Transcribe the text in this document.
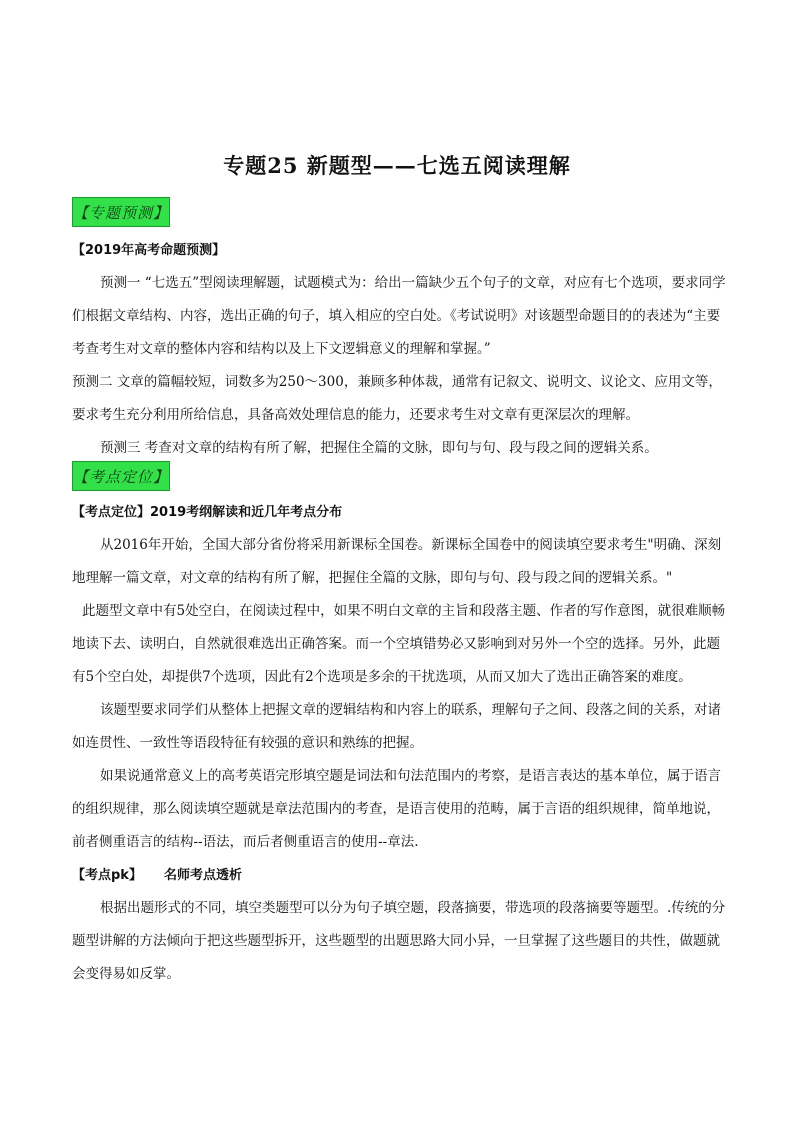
专题25 新题型——七选五阅读理解
【专题预测】

【2019年高考命题预测】

预测一 “七选五”型阅读理解题，试题模式为：给出一篇缺少五个句子的文章，对应有七个选项，要求同学们根据文章结构、内容，选出正确的句子，填入相应的空白处。《考试说明》对该题型命题目的的表述为“主要考查考生对文章的整体内容和结构以及上下文逻辑意义的理解和掌握。”

预测二 文章的篇幅较短，词数多为250～300，兼顾多种体裁，通常有记叙文、说明文、议论文、应用文等，要求考生充分利用所给信息，具备高效处理信息的能力，还要求考生对文章有更深层次的理解。

预测三 考查对文章的结构有所了解，把握住全篇的文脉，即句与句、段与段之间的逻辑关系。

【考点定位】

【考点定位】2019考纲解读和近几年考点分布

从2016年开始，全国大部分省份将采用新课标全国卷。新课标全国卷中的阅读填空要求考生"明确、深刻地理解一篇文章，对文章的结构有所了解，把握住全篇的文脉，即句与句、段与段之间的逻辑关系。"

此题型文章中有5处空白，在阅读过程中，如果不明白文章的主旨和段落主题、作者的写作意图，就很难顺畅地读下去、读明白，自然就很难选出正确答案。而一个空填错势必又影响到对另外一个空的选择。另外，此题有5个空白处，却提供7个选项，因此有2个选项是多余的干扰选项，从而又加大了选出正确答案的难度。

该题型要求同学们从整体上把握文章的逻辑结构和内容上的联系，理解句子之间、段落之间的关系，对诸如连贯性、一致性等语段特征有较强的意识和熟练的把握。

如果说通常意义上的高考英语完形填空题是词法和句法范围内的考察，是语言表达的基本单位，属于语言的组织规律，那么阅读填空题就是章法范围内的考查，是语言使用的范畴，属于言语的组织规律，简单地说，前者侧重语言的结构--语法，而后者侧重语言的使用--章法.

【考点pk】 名师考点透析

根据出题形式的不同，填空类题型可以分为句子填空题，段落摘要，带选项的段落摘要等题型。.传统的分题型讲解的方法倾向于把这些题型拆开，这些题型的出题思路大同小异，一旦掌握了这些题目的共性，做题就会变得易如反掌。
